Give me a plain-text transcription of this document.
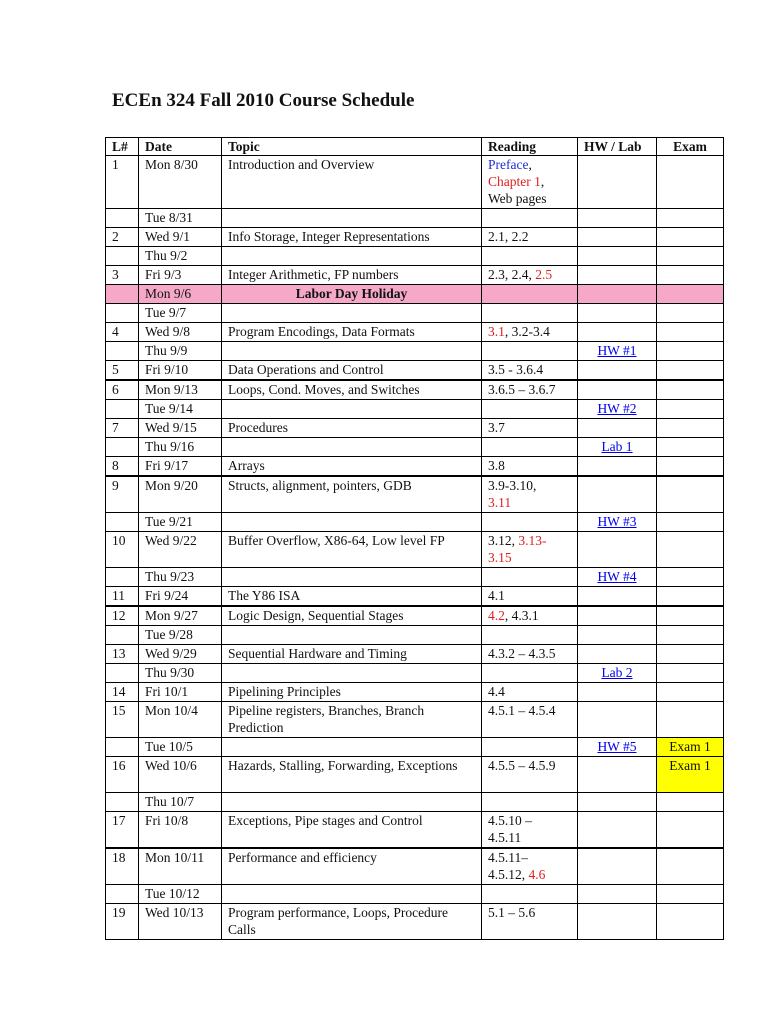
ECEn 324 Fall 2010 Course Schedule
L#	Date	Topic	Reading	HW / Lab	Exam
1	Mon 8/30	Introduction and Overview	Preface,
Chapter 1,
Web pages		
	Tue 8/31				
2	Wed 9/1	Info Storage, Integer Representations	2.1, 2.2		
	Thu 9/2				
3	Fri 9/3	Integer Arithmetic, FP numbers	2.3, 2.4, 2.5		
	Mon 9/6	Labor Day Holiday			
	Tue 9/7				
4	Wed 9/8	Program Encodings, Data Formats	3.1, 3.2-3.4		
	Thu 9/9			HW #1	
5	Fri 9/10	Data Operations and Control	3.5 - 3.6.4		
6	Mon 9/13	Loops, Cond. Moves, and Switches	3.6.5 – 3.6.7		
	Tue 9/14			HW #2	
7	Wed 9/15	Procedures	3.7		
	Thu 9/16			Lab 1	
8	Fri 9/17	Arrays	3.8		
9	Mon 9/20	Structs, alignment, pointers, GDB	3.9-3.10,
3.11		
	Tue 9/21			HW #3	
10	Wed 9/22	Buffer Overflow, X86-64, Low level FP	3.12, 3.13-
3.15		
	Thu 9/23			HW #4	
11	Fri 9/24	The Y86 ISA	4.1		
12	Mon 9/27	Logic Design, Sequential Stages	4.2, 4.3.1		
	Tue 9/28				
13	Wed 9/29	Sequential Hardware and Timing	4.3.2 – 4.3.5		
	Thu 9/30			Lab 2	
14	Fri 10/1	Pipelining Principles	4.4		
15	Mon 10/4	Pipeline registers, Branches, Branch Prediction	4.5.1 – 4.5.4		
	Tue 10/5			HW #5	Exam 1
16	Wed 10/6	Hazards, Stalling, Forwarding, Exceptions	4.5.5 – 4.5.9		Exam 1
	Thu 10/7				
17	Fri 10/8	Exceptions, Pipe stages and Control	4.5.10 –
4.5.11		
18	Mon 10/11	Performance and efficiency	4.5.11–
4.5.12, 4.6		
	Tue 10/12				
19	Wed 10/13	Program performance, Loops, Procedure Calls	5.1 – 5.6		
